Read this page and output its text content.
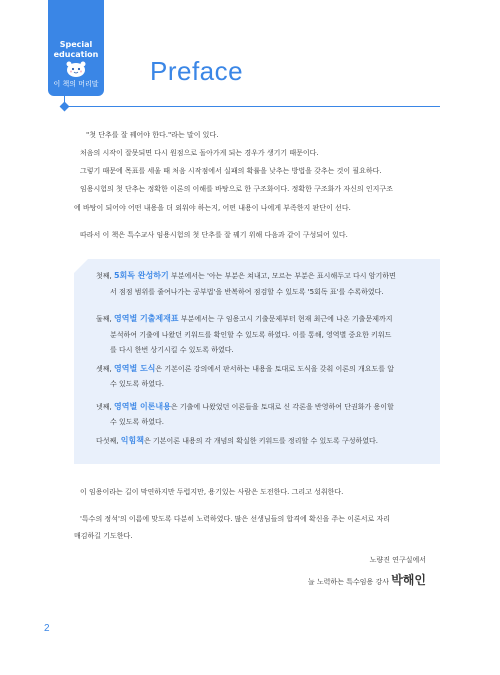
Special
education
이 책의 머리말 Preface
"첫 단추를 잘 꿰어야 한다."라는 말이 있다.
처음의 시작이 잘못되면 다시 원점으로 돌아가게 되는 경우가 생기기 때문이다.
그렇기 때문에 목표를 세울 때 처음 시작점에서 실패의 확률을 낮추는 방법을 갖추는 것이 필요하다.
임용시험의 첫 단추는 정확한 이론의 이해를 바탕으로 한 구조화이다. 정확한 구조화가 자신의 인지구조
에 바탕이 되어야 어떤 내용을 더 외워야 하는지, 어떤 내용이 나에게 부족한지 판단이 선다.
따라서 이 책은 특수교사 임용시험의 첫 단추를 잘 꿰기 위해 다음과 같이 구성되어 있다.
첫째, 5회독 완성하기 부분에서는 '아는 부분은 쳐내고, 모르는 부분은 표시해두고 다시 암기하면
서 점점 범위를 줄여나가는 공부법'을 반복하여 점검할 수 있도록 '5회독 표'를 수록하였다.
둘째, 영역별 기출제재표 부분에서는 구 임용고시 기출문제부터 현재 최근에 나온 기출문제까지
분석하여 기출에 나왔던 키워드를 확인할 수 있도록 하였다. 이를 통해, 영역별 중요한 키워드
를 다시 한번 상기시킬 수 있도록 하였다.
셋째, 영역별 도식은 기본이론 강의에서 판서하는 내용을 토대로 도식을 갖춰 이론의 개요도를 알
수 있도록 하였다.
넷째, 영역별 이론내용은 기출에 나왔었던 이론들을 토대로 신 각론을 반영하여 단권화가 용이할
수 있도록 하였다.
다섯째, 익힘책은 기본이론 내용의 각 개념의 확실한 키워드를 정리할 수 있도록 구성하였다.
이 임용이라는 길이 막연하지만 두렵지만, 용기있는 사람은 도전한다. 그리고 성취한다.
'특수의 정석'의 이름에 맞도록 다분히 노력하였다. 많은 선생님들의 합격에 확신을 주는 이론서로 자리
매김하길 기도한다.
노량진 연구실에서
늘 노력하는 특수임용 강사 박해인
2
